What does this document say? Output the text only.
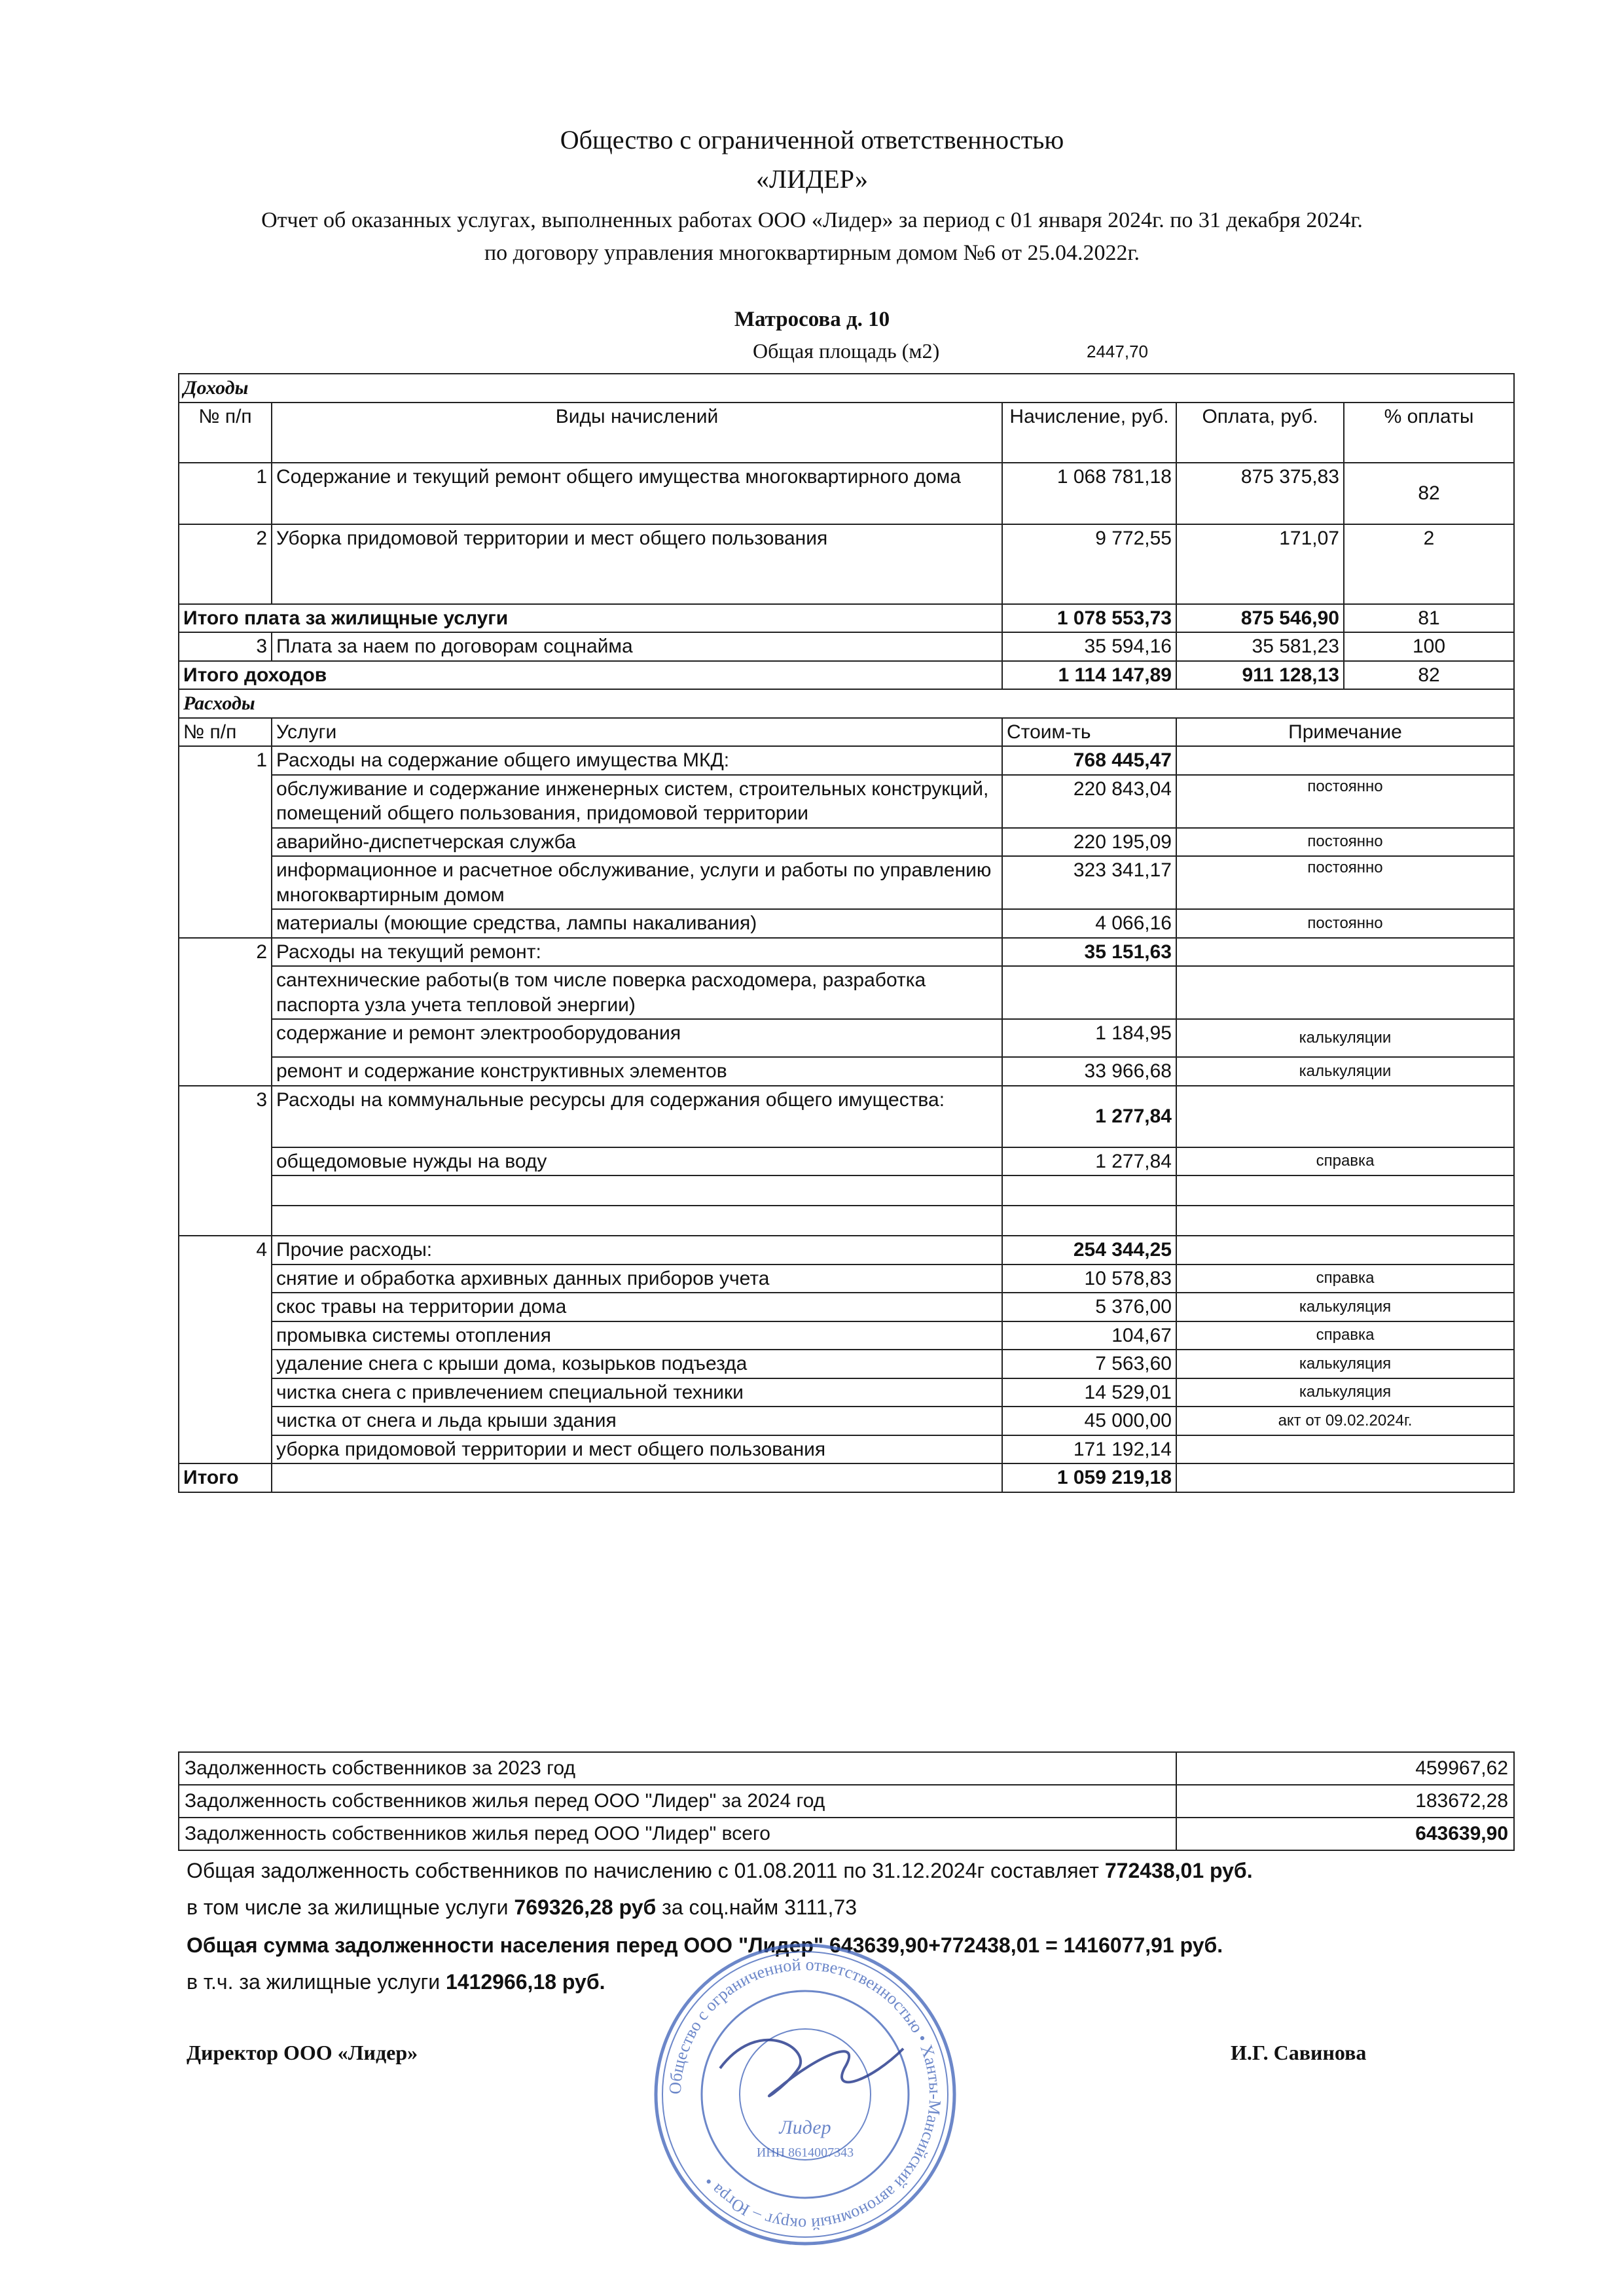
Общество с ограниченной ответственностью
«ЛИДЕР»
Отчет об оказанных услугах, выполненных работах ООО «Лидер» за период с 01 января 2024г. по 31 декабря 2024г.
по договору управления многоквартирным домом №6 от 25.04.2022г.
Матросова д. 10
Общая площадь (м2)	2447,70
Доходы				
№ п/п	Виды начислений	Начисление, руб.	Оплата, руб.	% оплаты
1	Содержание и текущий ремонт общего имущества многоквартирного дома	1 068 781,18	875 375,83	82
2	Уборка придомовой территории и мест общего пользования	9 772,55	171,07	2
Итого плата за жилищные услуги		1 078 553,73	875 546,90	81
3	Плата за наем по договорам соцнайма	35 594,16	35 581,23	100
Итого доходов		1 114 147,89	911 128,13	82
Расходы				
№ п/п	Услуги	Стоим-ть	Примечание	
1	Расходы на содержание общего имущества МКД:	768 445,47		
	обслуживание и содержание инженерных систем, строительных конструкций, помещений общего пользования, придомовой территории	220 843,04	постоянно	
	аварийно-диспетчерская служба	220 195,09	постоянно	
	информационное и расчетное обслуживание, услуги и работы по управлению многоквартирным домом	323 341,17	постоянно	
	материалы (моющие средства, лампы накаливания)	4 066,16	постоянно	
2	Расходы на текущий ремонт:	35 151,63		
	сантехнические работы(в том числе поверка расходомера, разработка паспорта узла учета тепловой энергии)			
	содержание и ремонт электрооборудования	1 184,95	калькуляции	
	ремонт и содержание конструктивных элементов	33 966,68	калькуляции	
3	Расходы на коммунальные ресурсы для содержания общего имущества:	1 277,84		
	общедомовые нужды на воду	1 277,84	справка	

4	Прочие расходы:	254 344,25		
	снятие и обработка архивных данных приборов учета	10 578,83	справка	
	скос травы на территории дома	5 376,00	калькуляция	
	промывка системы отопления	104,67	справка	
	удаление снега с крыши дома, козырьков подъезда	7 563,60	калькуляция	
	чистка снега с привлечением специальной техники	14 529,01	калькуляция	
	чистка от снега и льда крыши здания	45 000,00	акт от 09.02.2024г.	
	уборка придомовой территории и мест общего пользования	171 192,14		
Итого		1 059 219,18		
Задолженность собственников за 2023 год	459967,62
Задолженность собственников жилья перед ООО "Лидер" за 2024 год	183672,28
Задолженность собственников жилья перед ООО "Лидер" всего	643639,90
Общая задолженность собственников по начислению с 01.08.2011 по 31.12.2024г составляет 772438,01 руб.
в том числе за жилищные услуги 769326,28 руб за соц.найм 3111,73
Общая сумма задолженности населения перед ООО "Лидер" 643639,90+772438,01 = 1416077,91 руб.
в т.ч. за жилищные услуги 1412966,18 руб.
Общество с ограниченной ответственностью • Ханты-Мансийский автономный округ – Югра •
Лидер
ИНН 8614007343
Директор ООО «Лидер»	И.Г. Савинова
